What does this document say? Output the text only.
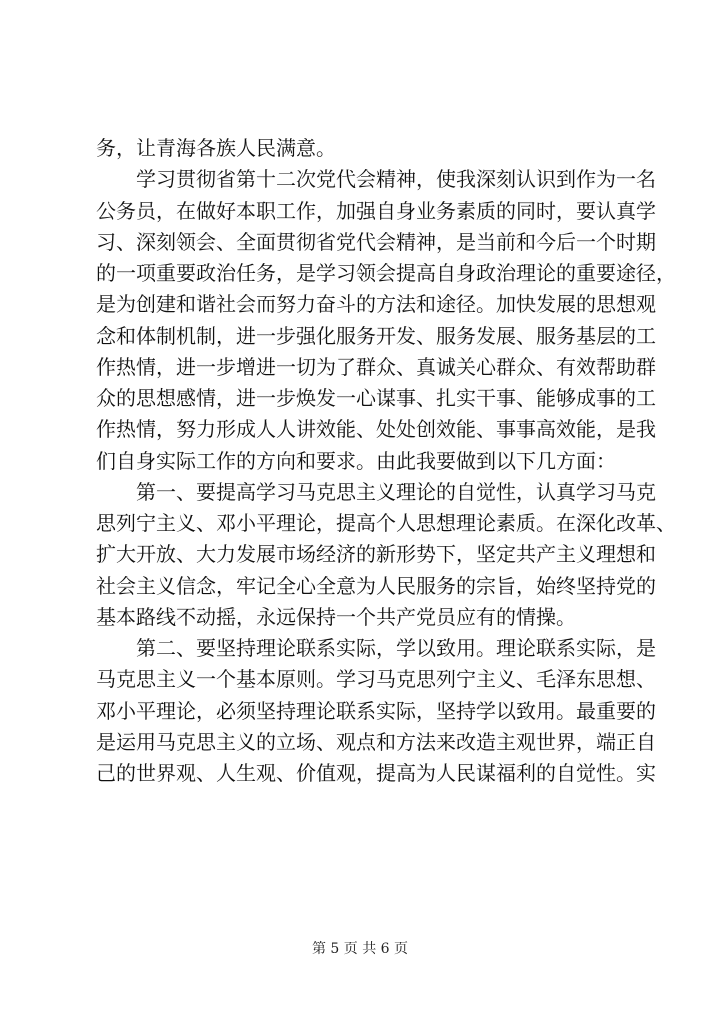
务，让青海各族人民满意。
学习贯彻省第十二次党代会精神，使我深刻认识到作为一名
公务员，在做好本职工作，加强自身业务素质的同时，要认真学
习、深刻领会、全面贯彻省党代会精神，是当前和今后一个时期
的一项重要政治任务，是学习领会提高自身政治理论的重要途径，
是为创建和谐社会而努力奋斗的方法和途径。加快发展的思想观
念和体制机制，进一步强化服务开发、服务发展、服务基层的工
作热情，进一步增进一切为了群众、真诚关心群众、有效帮助群
众的思想感情，进一步焕发一心谋事、扎实干事、能够成事的工
作热情，努力形成人人讲效能、处处创效能、事事高效能，是我
们自身实际工作的方向和要求。由此我要做到以下几方面：
第一、要提高学习马克思主义理论的自觉性，认真学习马克
思列宁主义、邓小平理论，提高个人思想理论素质。在深化改革、
扩大开放、大力发展市场经济的新形势下，坚定共产主义理想和
社会主义信念，牢记全心全意为人民服务的宗旨，始终坚持党的
基本路线不动摇，永远保持一个共产党员应有的情操。
第二、要坚持理论联系实际，学以致用。理论联系实际，是
马克思主义一个基本原则。学习马克思列宁主义、毛泽东思想、
邓小平理论，必须坚持理论联系实际，坚持学以致用。最重要的
是运用马克思主义的立场、观点和方法来改造主观世界，端正自
己的世界观、人生观、价值观，提高为人民谋福利的自觉性。实
第 5 页 共 6 页
